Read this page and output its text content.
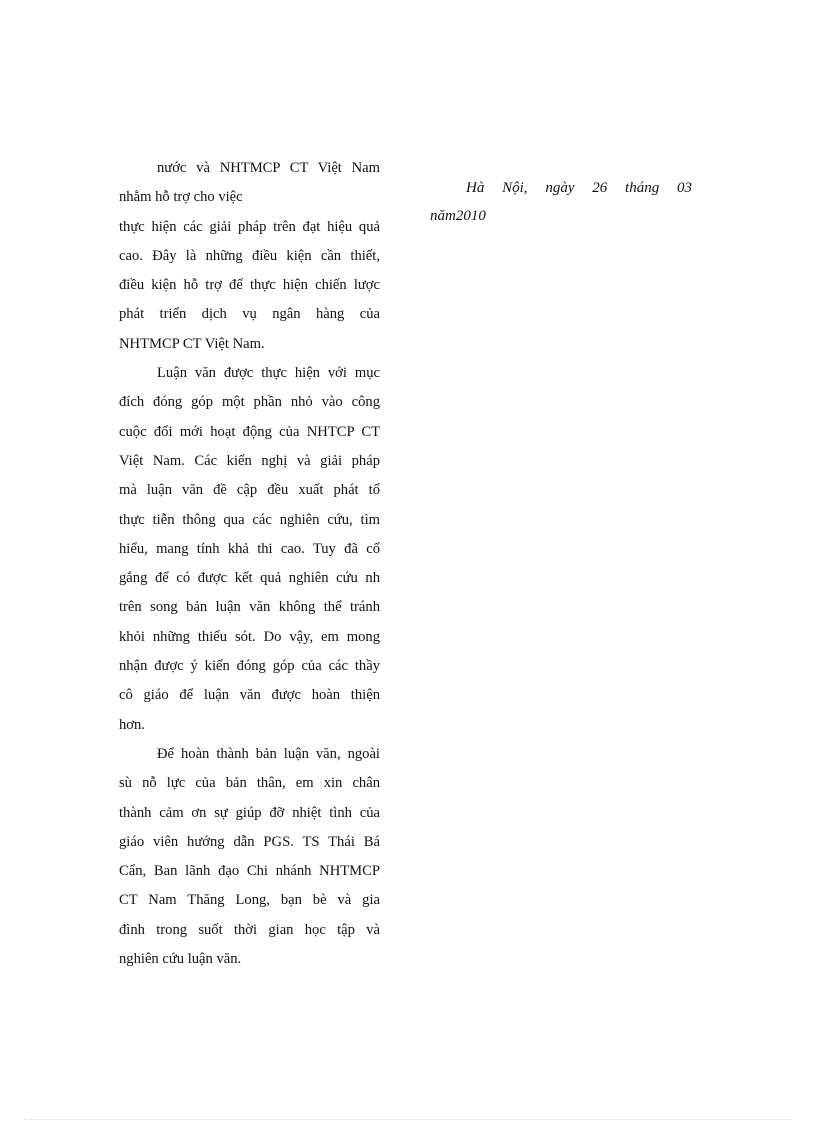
nước và NHTMCP CT Việt Nam
nhằm hỗ trợ cho việc
thực hiện các giải pháp trên đạt hiệu quả
cao. Đây là những điều kiện cần thiết,
điều kiện hỗ trợ để thực hiện chiến lược
phát triển dịch vụ ngân hàng của
NHTMCP CT Việt Nam.
Luận văn được thực hiện với mục
đích đóng góp một phần nhỏ vào công
cuộc đổi mới hoạt động của NHTCP CT
Việt Nam. Các kiến nghị và giải pháp
mà luận văn đề cập đều xuất phát tố
thực tiễn thông qua các nghiên cứu, tìm
hiểu, mang tính khả thi cao. Tuy đã cố
gắng để có được kết quả nghiên cứu nh
trên song bản luận văn không thể tránh
khỏi những thiếu sót. Do vậy, em mong
nhận được ý kiến đóng góp của các thầy
cô giáo để luận văn được hoàn thiện
hơn.
Để hoàn thành bản luận văn, ngoài
sù nỗ lực của bản thân, em xin chân
thành cảm ơn sự giúp đỡ nhiệt tình của
giáo viên hướng dẫn PGS. TS Thái Bá
Cẩn, Ban lãnh đạo Chi nhánh NHTMCP
CT Nam Thăng Long, bạn bè và gia
đình trong suốt thời gian học tập và
nghiên cứu luận văn.
Hà Nội, ngày 26 tháng 03
năm2010
